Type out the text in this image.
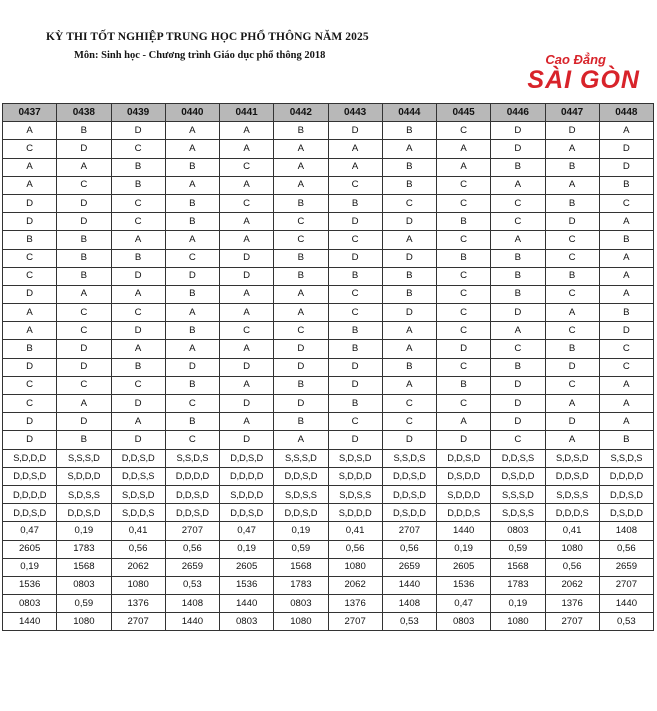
KỲ THI TỐT NGHIỆP TRUNG HỌC PHỔ THÔNG NĂM 2025
Môn: Sinh học - Chương trình Giáo dục phổ thông 2018	Cao Đẳng
SÀI GÒN
0437	0438	0439	0440	0441	0442	0443	0444	0445	0446	0447	0448
A	B	D	A	A	B	D	B	C	D	D	A
C	D	C	A	A	A	A	A	A	D	A	D
A	A	B	B	C	A	A	B	A	B	B	D
A	C	B	A	A	A	C	B	C	A	A	B
D	D	C	B	C	B	B	C	C	C	B	C
D	D	C	B	A	C	D	D	B	C	D	A
B	B	A	A	A	C	C	A	C	A	C	B
C	B	B	C	D	B	D	D	B	B	C	A
C	B	D	D	D	B	B	B	C	B	B	A
D	A	A	B	A	A	C	B	C	B	C	A
A	C	C	A	A	A	C	D	C	D	A	B
A	C	D	B	C	C	B	A	C	A	C	D
B	D	A	A	A	D	B	A	D	C	B	C
D	D	B	D	D	D	D	B	C	B	D	C
C	C	C	B	A	B	D	A	B	D	C	A
C	A	D	C	D	D	B	C	C	D	A	A
D	D	A	B	A	B	C	C	A	D	D	A
D	B	D	C	D	A	D	D	D	C	A	B
S,D,D,D	S,S,S,D	D,D,S,D	S,S,D,S	D,D,S,D	S,S,S,D	S,D,S,D	S,S,D,S	D,D,S,D	D,D,S,S	S,D,S,D	S,S,D,S
D,D,S,D	S,D,D,D	D,D,S,S	D,D,D,D	D,D,D,D	D,D,S,D	S,D,D,D	D,D,S,D	D,S,D,D	D,S,D,D	D,D,S,D	D,D,D,D
D,D,D,D	S,D,S,S	S,D,S,D	D,D,S,D	S,D,D,D	S,D,S,S	S,D,S,S	D,D,S,D	S,D,D,D	S,S,S,D	S,D,S,S	D,D,S,D
D,D,S,D	D,D,S,D	S,D,D,S	D,D,S,D	D,D,S,D	D,D,S,D	S,D,D,D	D,S,D,D	D,D,D,S	S,D,S,S	D,D,D,S	D,S,D,D
0,47	0,19	0,41	2707	0,47	0,19	0,41	2707	1440	0803	0,41	1408
2605	1783	0,56	0,56	0,19	0,59	0,56	0,56	0,19	0,59	1080	0,56
0,19	1568	2062	2659	2605	1568	1080	2659	2605	1568	0,56	2659
1536	0803	1080	0,53	1536	1783	2062	1440	1536	1783	2062	2707
0803	0,59	1376	1408	1440	0803	1376	1408	0,47	0,19	1376	1440
1440	1080	2707	1440	0803	1080	2707	0,53	0803	1080	2707	0,53
